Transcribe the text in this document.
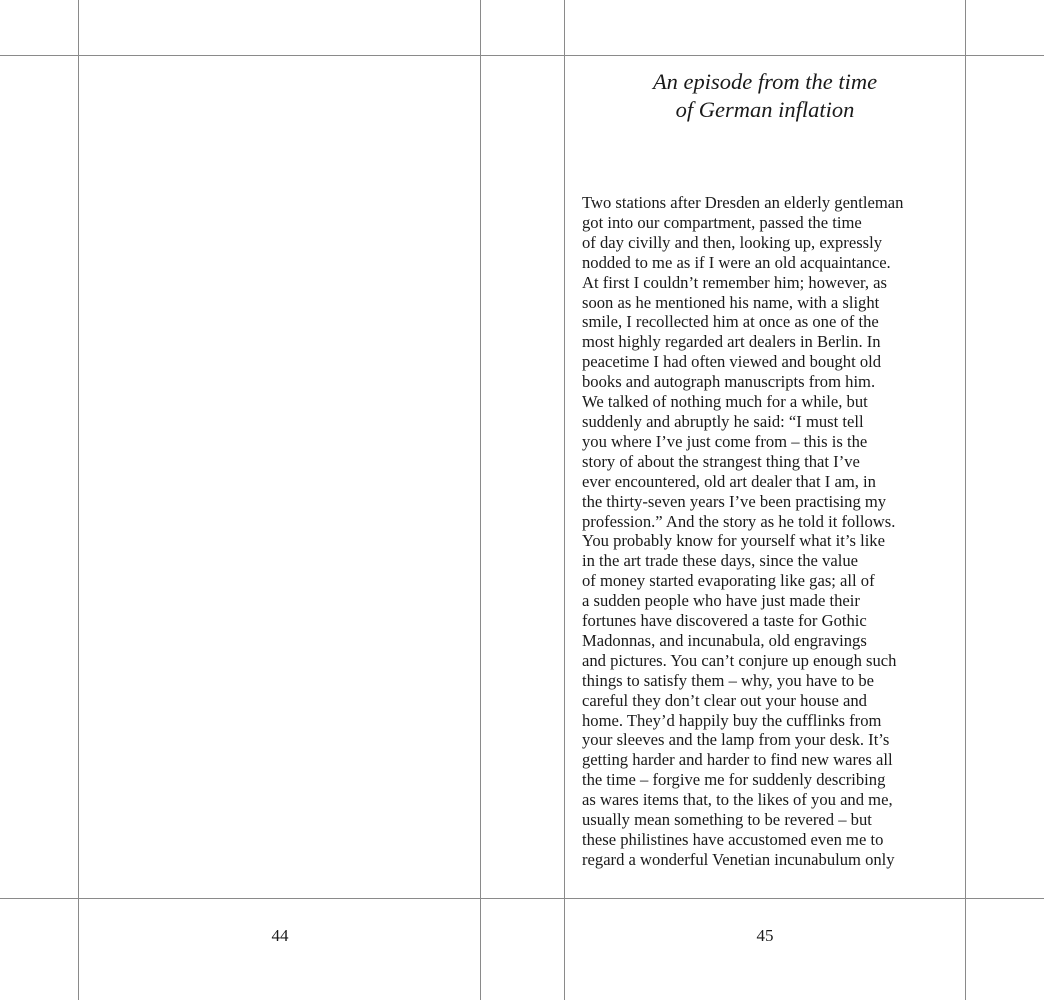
An episode from the time
of German inflation
Two stations after Dresden an elderly gentleman
got into our compartment, passed the time
of day civilly and then, looking up, expressly
nodded to me as if I were an old acquaintance.
At first I couldn’t remember him; however, as
soon as he mentioned his name, with a slight
smile, I recollected him at once as one of the
most highly regarded art dealers in Berlin. In
peacetime I had often viewed and bought old
books and autograph manuscripts from him.
We talked of nothing much for a while, but
suddenly and abruptly he said: “I must tell
you where I’ve just come from – this is the
story of about the strangest thing that I’ve
ever encountered, old art dealer that I am, in
the thirty-seven years I’ve been practising my
profession.” And the story as he told it follows.
You probably know for yourself what it’s like
in the art trade these days, since the value
of money started evaporating like gas; all of
a sudden people who have just made their
fortunes have discovered a taste for Gothic
Madonnas, and incunabula, old engravings
and pictures. You can’t conjure up enough such
things to satisfy them – why, you have to be
careful they don’t clear out your house and
home. They’d happily buy the cufflinks from
your sleeves and the lamp from your desk. It’s
getting harder and harder to find new wares all
the time – forgive me for suddenly describing
as wares items that, to the likes of you and me,
usually mean something to be revered – but
these philistines have accustomed even me to
regard a wonderful Venetian incunabulum only
44	45
